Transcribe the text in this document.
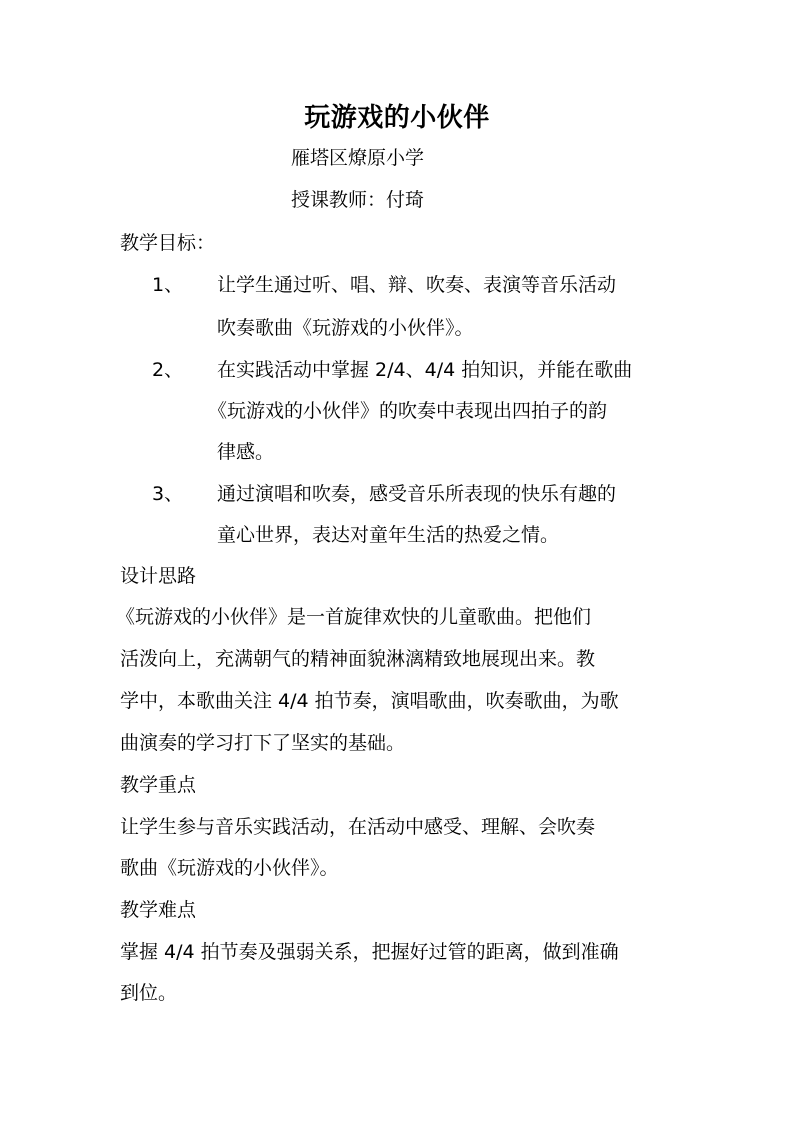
玩游戏的小伙伴
雁塔区燎原小学
授课教师：付琦
教学目标：
1、 让学生通过听、唱、辩、吹奏、表演等音乐活动
吹奏歌曲《玩游戏的小伙伴》。
2、 在实践活动中掌握 2/4、4/4 拍知识，并能在歌曲
《玩游戏的小伙伴》的吹奏中表现出四拍子的韵
律感。
3、 通过演唱和吹奏，感受音乐所表现的快乐有趣的
童心世界，表达对童年生活的热爱之情。
设计思路
《玩游戏的小伙伴》是一首旋律欢快的儿童歌曲。把他们
活泼向上，充满朝气的精神面貌淋漓精致地展现出来。教
学中，本歌曲关注 4/4 拍节奏，演唱歌曲，吹奏歌曲，为歌
曲演奏的学习打下了坚实的基础。
教学重点
让学生参与音乐实践活动，在活动中感受、理解、会吹奏
歌曲《玩游戏的小伙伴》。
教学难点
掌握 4/4 拍节奏及强弱关系，把握好过管的距离，做到准确
到位。
